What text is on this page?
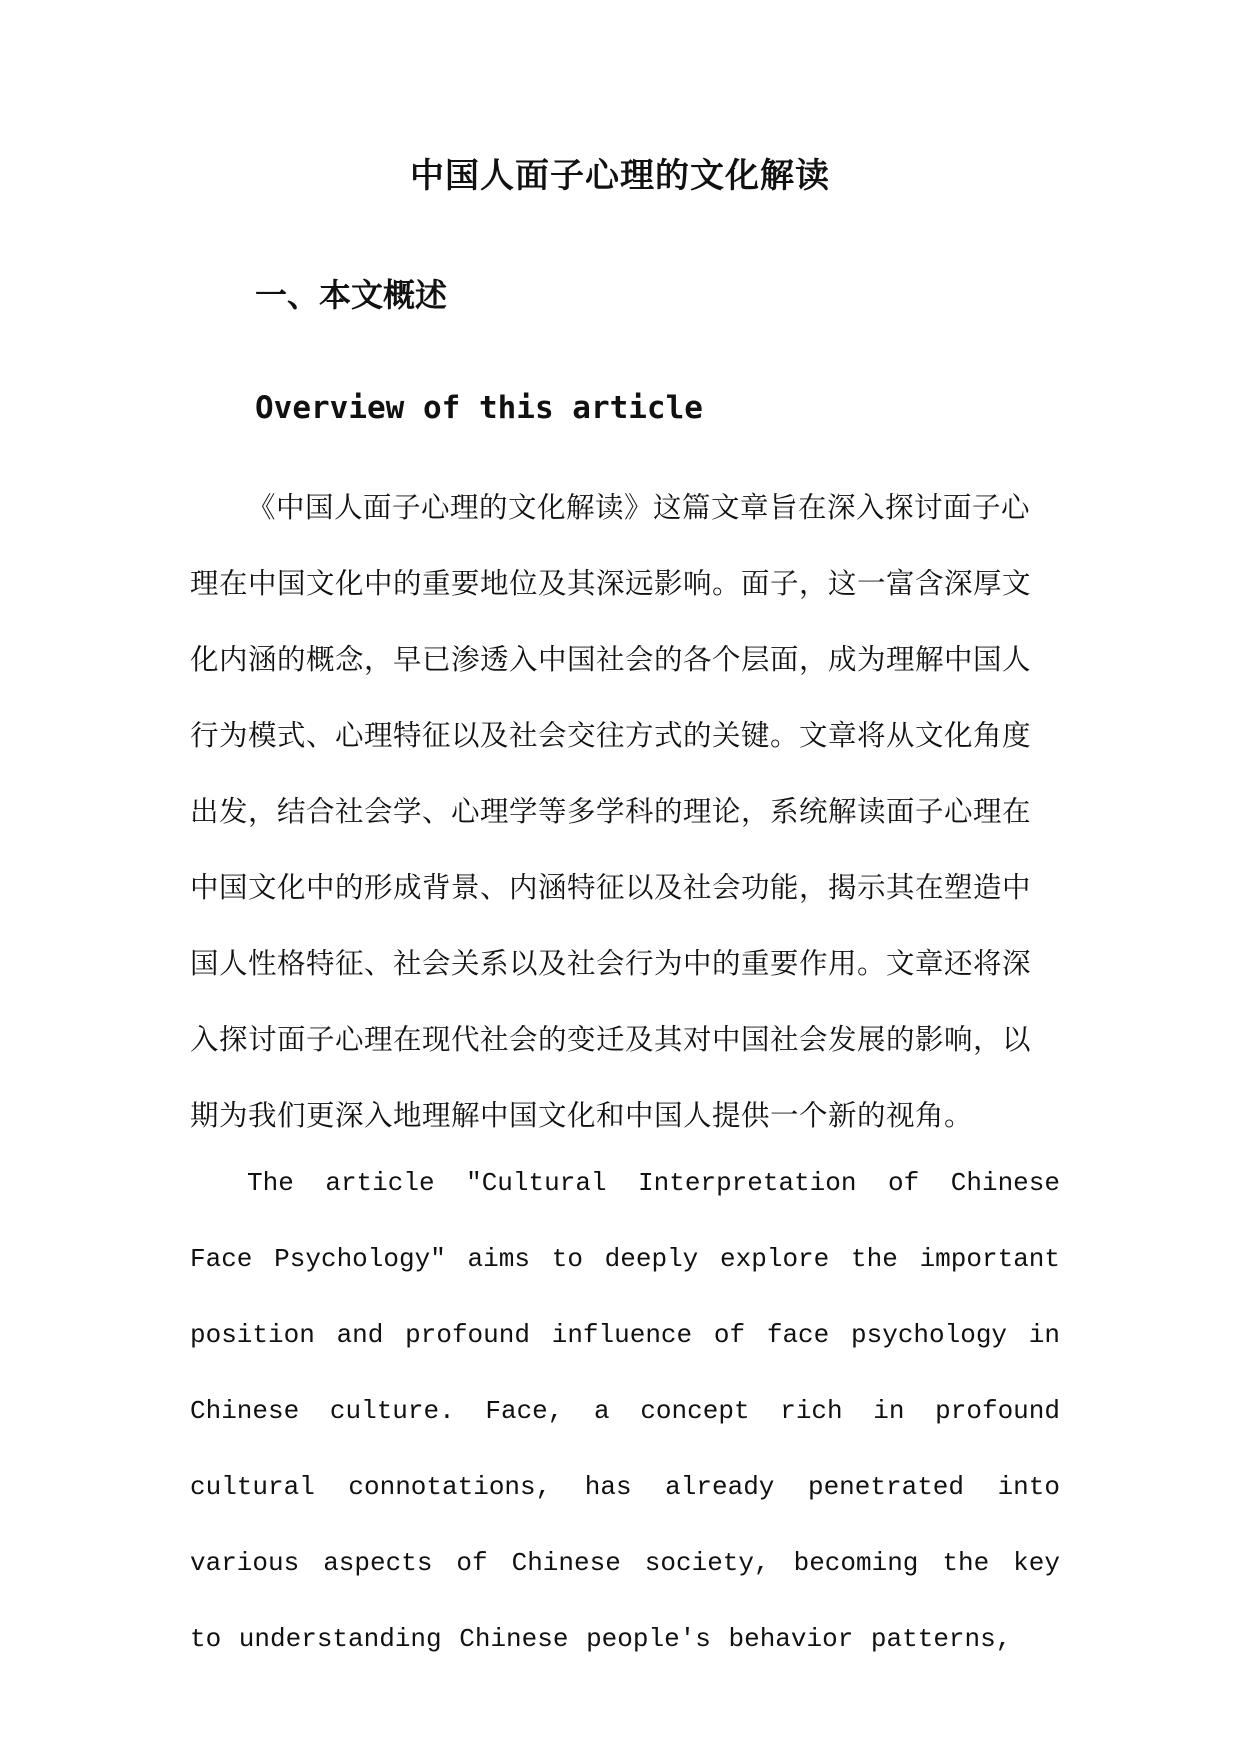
中国人面子心理的文化解读
一、本文概述
Overview of this article

《中国人面子心理的文化解读》这篇文章旨在深入探讨面子心理在中国文化中的重要地位及其深远影响。面子，这一富含深厚文化内涵的概念，早已渗透入中国社会的各个层面，成为理解中国人行为模式、心理特征以及社会交往方式的关键。文章将从文化角度出发，结合社会学、心理学等多学科的理论，系统解读面子心理在中国文化中的形成背景、内涵特征以及社会功能，揭示其在塑造中国人性格特征、社会关系以及社会行为中的重要作用。文章还将深入探讨面子心理在现代社会的变迁及其对中国社会发展的影响，以期为我们更深入地理解中国文化和中国人提供一个新的视角。

The article "Cultural Interpretation of Chinese Face Psychology" aims to deeply explore the important position and profound influence of face psychology in Chinese culture. Face, a concept rich in profound cultural connotations, has already penetrated into various aspects of Chinese society, becoming the key to understanding Chinese people's behavior patterns,
